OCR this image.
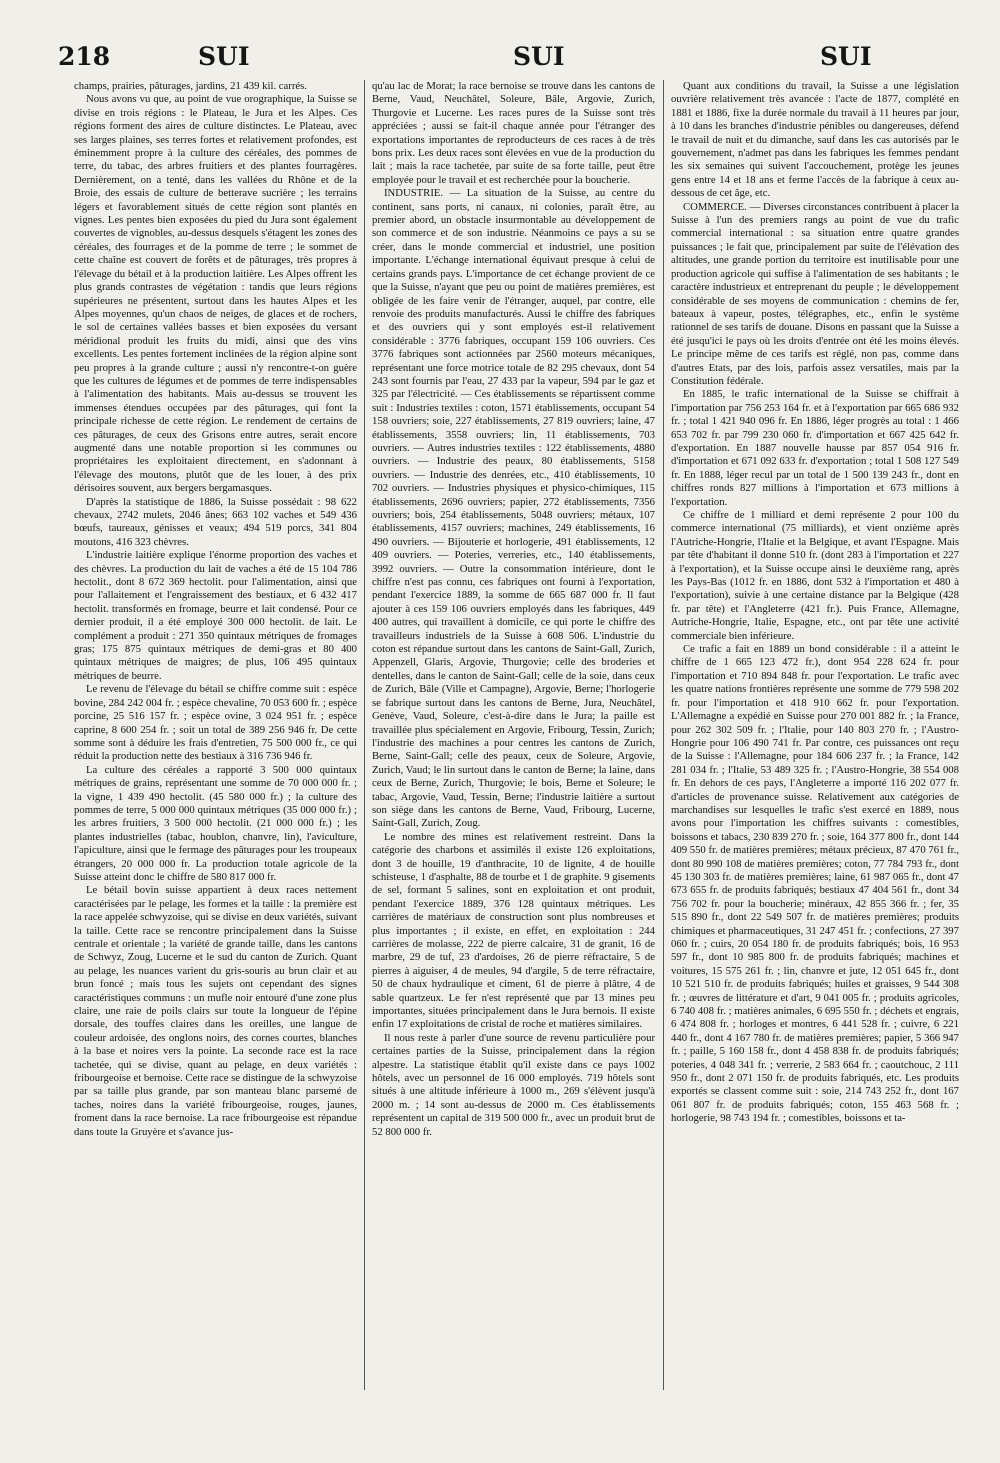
218	SUI	SUI	SUI

champs, prairies, pâturages, jardins, 21 439 kil. carrés.

Nous avons vu que, au point de vue orographique, la Suisse se divise en trois régions : le Plateau, le Jura et les Alpes. Ces régions forment des aires de culture distinctes. Le Plateau, avec ses larges plaines, ses terres fortes et relativement profondes, est éminemment propre à la culture des céréales, des pommes de terre, du tabac, des arbres fruitiers et des plantes fourragères. Dernièrement, on a tenté, dans les vallées du Rhône et de la Broie, des essais de culture de betterave sucrière ; les terrains légers et favorablement situés de cette région sont plantés en vignes. Les pentes bien exposées du pied du Jura sont également couvertes de vignobles, au-dessus desquels s'étagent les zones des céréales, des fourrages et de la pomme de terre ; le sommet de cette chaîne est couvert de forêts et de pâturages, très propres à l'élevage du bétail et à la production laitière. Les Alpes offrent les plus grands contrastes de végétation : tandis que leurs régions supérieures ne présentent, surtout dans les hautes Alpes et les Alpes moyennes, qu'un chaos de neiges, de glaces et de rochers, le sol de certaines vallées basses et bien exposées du versant méridional produit les fruits du midi, ainsi que des vins excellents. Les pentes fortement inclinées de la région alpine sont peu propres à la grande culture ; aussi n'y rencontre-t-on guère que les cultures de légumes et de pommes de terre indispensables à l'alimentation des habitants. Mais au-dessus se trouvent les immenses étendues occupées par des pâturages, qui font la principale richesse de cette région. Le rendement de certains de ces pâturages, de ceux des Grisons entre autres, serait encore augmenté dans une notable proportion si les communes ou propriétaires les exploitaient directement, en s'adonnant à l'élevage des moutons, plutôt que de les louer, à des prix dérisoires souvent, aux bergers bergamasques.

D'après la statistique de 1886, la Suisse possédait : 98 622 chevaux, 2742 mulets, 2046 ânes; 663 102 vaches et 549 436 bœufs, taureaux, génisses et veaux; 494 519 porcs, 341 804 moutons, 416 323 chèvres.

L'industrie laitière explique l'énorme proportion des vaches et des chèvres. La production du lait de vaches a été de 15 104 786 hectolit., dont 8 672 369 hectolit. pour l'alimentation, ainsi que pour l'allaitement et l'engraissement des bestiaux, et 6 432 417 hectolit. transformés en fromage, beurre et lait condensé. Pour ce dernier produit, il a été employé 300 000 hectolit. de lait. Le complément a produit : 271 350 quintaux métriques de fromages gras; 175 875 quintaux métriques de demi-gras et 80 400 quintaux métriques de maigres; de plus, 106 495 quintaux métriques de beurre.

Le revenu de l'élevage du bétail se chiffre comme suit : espèce bovine, 284 242 004 fr. ; espèce chevaline, 70 053 600 fr. ; espèce porcine, 25 516 157 fr. ; espèce ovine, 3 024 951 fr. ; espèce caprine, 8 600 254 fr. ; soit un total de 389 256 946 fr. De cette somme sont à déduire les frais d'entretien, 75 500 000 fr., ce qui réduit la production nette des bestiaux à 316 736 946 fr.

La culture des céréales a rapporté 3 500 000 quintaux métriques de grains, représentant une somme de 70 000 000 fr. ; la vigne, 1 439 490 hectolit. (45 580 000 fr.) ; la culture des pommes de terre, 5 000 000 quintaux métriques (35 000 000 fr.) ; les arbres fruitiers, 3 500 000 hectolit. (21 000 000 fr.) ; les plantes industrielles (tabac, houblon, chanvre, lin), l'aviculture, l'apiculture, ainsi que le fermage des pâturages pour les troupeaux étrangers, 20 000 000 fr. La production totale agricole de la Suisse atteint donc le chiffre de 580 817 000 fr.

Le bétail bovin suisse appartient à deux races nettement caractérisées par le pelage, les formes et la taille : la première est la race appelée schwyzoise, qui se divise en deux variétés, suivant la taille. Cette race se rencontre principalement dans la Suisse centrale et orientale ; la variété de grande taille, dans les cantons de Schwyz, Zoug, Lucerne et le sud du canton de Zurich. Quant au pelage, les nuances varient du gris-souris au brun clair et au brun foncé ; mais tous les sujets ont cependant des signes caractéristiques communs : un mufle noir entouré d'une zone plus claire, une raie de poils clairs sur toute la longueur de l'épine dorsale, des touffes claires dans les oreilles, une langue de couleur ardoisée, des onglons noirs, des cornes courtes, blanches à la base et noires vers la pointe. La seconde race est la race tachetée, qui se divise, quant au pelage, en deux variétés : fribourgeoise et bernoise. Cette race se distingue de la schwyzoise par sa taille plus grande, par son manteau blanc parsemé de taches, noires dans la variété fribourgeoise, rouges, jaunes, froment dans la race bernoise. La race fribourgeoise est répandue dans toute la Gruyère et s'avance jus-

qu'au lac de Morat; la race bernoise se trouve dans les cantons de Berne, Vaud, Neuchâtel, Soleure, Bâle, Argovie, Zurich, Thurgovie et Lucerne. Les races pures de la Suisse sont très appréciées ; aussi se fait-il chaque année pour l'étranger des exportations importantes de reproducteurs de ces races à de très bons prix. Les deux races sont élevées en vue de la production du lait ; mais la race tachetée, par suite de sa forte taille, peut être employée pour le travail et est recherchée pour la boucherie.

INDUSTRIE. — La situation de la Suisse, au centre du continent, sans ports, ni canaux, ni colonies, paraît être, au premier abord, un obstacle insurmontable au développement de son commerce et de son industrie. Néanmoins ce pays a su se créer, dans le monde commercial et industriel, une position importante. L'échange international équivaut presque à celui de certains grands pays. L'importance de cet échange provient de ce que la Suisse, n'ayant que peu ou point de matières premières, est obligée de les faire venir de l'étranger, auquel, par contre, elle renvoie des produits manufacturés. Aussi le chiffre des fabriques et des ouvriers qui y sont employés est-il relativement considérable : 3776 fabriques, occupant 159 106 ouvriers. Ces 3776 fabriques sont actionnées par 2560 moteurs mécaniques, représentant une force motrice totale de 82 295 chevaux, dont 54 243 sont fournis par l'eau, 27 433 par la vapeur, 594 par le gaz et 325 par l'électricité. — Ces établissements se répartissent comme suit : Industries textiles : coton, 1571 établissements, occupant 54 158 ouvriers; soie, 227 établissements, 27 819 ouvriers; laine, 47 établissements, 3558 ouvriers; lin, 11 établissements, 703 ouvriers. — Autres industries textiles : 122 établissements, 4880 ouvriers. — Industrie des peaux, 80 établissements, 5158 ouvriers. — Industrie des denrées, etc., 410 établissements, 10 702 ouvriers. — Industries physiques et physico-chimiques, 115 établissements, 2696 ouvriers; papier, 272 établissements, 7356 ouvriers; bois, 254 établissements, 5048 ouvriers; métaux, 107 établissements, 4157 ouvriers; machines, 249 établissements, 16 490 ouvriers. — Bijouterie et horlogerie, 491 établissements, 12 409 ouvriers. — Poteries, verreries, etc., 140 établissements, 3992 ouvriers. — Outre la consommation intérieure, dont le chiffre n'est pas connu, ces fabriques ont fourni à l'exportation, pendant l'exercice 1889, la somme de 665 687 000 fr. Il faut ajouter à ces 159 106 ouvriers employés dans les fabriques, 449 400 autres, qui travaillent à domicile, ce qui porte le chiffre des travailleurs industriels de la Suisse à 608 506. L'industrie du coton est répandue surtout dans les cantons de Saint-Gall, Zurich, Appenzell, Glaris, Argovie, Thurgovie; celle des broderies et dentelles, dans le canton de Saint-Gall; celle de la soie, dans ceux de Zurich, Bâle (Ville et Campagne), Argovie, Berne; l'horlogerie se fabrique surtout dans les cantons de Berne, Jura, Neuchâtel, Genève, Vaud, Soleure, c'est-à-dire dans le Jura; la paille est travaillée plus spécialement en Argovie, Fribourg, Tessin, Zurich; l'industrie des machines a pour centres les cantons de Zurich, Berne, Saint-Gall; celle des peaux, ceux de Soleure, Argovie, Zurich, Vaud; le lin surtout dans le canton de Berne; la laine, dans ceux de Berne, Zurich, Thurgovie; le bois, Berne et Soleure; le tabac, Argovie, Vaud, Tessin, Berne; l'industrie laitière a surtout son siège dans les cantons de Berne, Vaud, Fribourg, Lucerne, Saint-Gall, Zurich, Zoug.

Le nombre des mines est relativement restreint. Dans la catégorie des charbons et assimilés il existe 126 exploitations, dont 3 de houille, 19 d'anthracite, 10 de lignite, 4 de houille schisteuse, 1 d'asphalte, 88 de tourbe et 1 de graphite. 9 gisements de sel, formant 5 salines, sont en exploitation et ont produit, pendant l'exercice 1889, 376 128 quintaux métriques. Les carrières de matériaux de construction sont plus nombreuses et plus importantes ; il existe, en effet, en exploitation : 244 carrières de molasse, 222 de pierre calcaire, 31 de granit, 16 de marbre, 29 de tuf, 23 d'ardoises, 26 de pierre réfractaire, 5 de pierres à aiguiser, 4 de meules, 94 d'argile, 5 de terre réfractaire, 50 de chaux hydraulique et ciment, 61 de pierre à plâtre, 4 de sable quartzeux. Le fer n'est représenté que par 13 mines peu importantes, situées principalement dans le Jura bernois. Il existe enfin 17 exploitations de cristal de roche et matières similaires.

Il nous reste à parler d'une source de revenu particulière pour certaines parties de la Suisse, principalement dans la région alpestre. La statistique établit qu'il existe dans ce pays 1002 hôtels, avec un personnel de 16 000 employés. 719 hôtels sont situés à une altitude inférieure à 1000 m., 269 s'élèvent jusqu'à 2000 m. ; 14 sont au-dessus de 2000 m. Ces établissements représentent un capital de 319 500 000 fr., avec un produit brut de 52 800 000 fr.

Quant aux conditions du travail, la Suisse a une législation ouvrière relativement très avancée : l'acte de 1877, complété en 1881 et 1886, fixe la durée normale du travail à 11 heures par jour, à 10 dans les branches d'industrie pénibles ou dangereuses, défend le travail de nuit et du dimanche, sauf dans les cas autorisés par le gouvernement, n'admet pas dans les fabriques les femmes pendant les six semaines qui suivent l'accouchement, protège les jeunes gens entre 14 et 18 ans et ferme l'accès de la fabrique à ceux au-dessous de cet âge, etc.

COMMERCE. — Diverses circonstances contribuent à placer la Suisse à l'un des premiers rangs au point de vue du trafic commercial international : sa situation entre quatre grandes puissances ; le fait que, principalement par suite de l'élévation des altitudes, une grande portion du territoire est inutilisable pour une production agricole qui suffise à l'alimentation de ses habitants ; le caractère industrieux et entreprenant du peuple ; le développement considérable de ses moyens de communication : chemins de fer, bateaux à vapeur, postes, télégraphes, etc., enfin le système rationnel de ses tarifs de douane. Disons en passant que la Suisse a été jusqu'ici le pays où les droits d'entrée ont été les moins élevés. Le principe même de ces tarifs est réglé, non pas, comme dans d'autres Etats, par des lois, parfois assez versatiles, mais par la Constitution fédérale.

En 1885, le trafic international de la Suisse se chiffrait à l'importation par 756 253 164 fr. et à l'exportation par 665 686 932 fr. ; total 1 421 940 096 fr. En 1886, léger progrès au total : 1 466 653 702 fr. par 799 230 060 fr. d'importation et 667 425 642 fr. d'exportation. En 1887 nouvelle hausse par 857 054 916 fr. d'importation et 671 092 633 fr. d'exportation ; total 1 508 127 549 fr. En 1888, léger recul par un total de 1 500 139 243 fr., dont en chiffres ronds 827 millions à l'importation et 673 millions à l'exportation.

Ce chiffre de 1 milliard et demi représente 2 pour 100 du commerce international (75 milliards), et vient onzième après l'Autriche-Hongrie, l'Italie et la Belgique, et avant l'Espagne. Mais par tête d'habitant il donne 510 fr. (dont 283 à l'importation et 227 à l'exportation), et la Suisse occupe ainsi le deuxième rang, après les Pays-Bas (1012 fr. en 1886, dont 532 à l'importation et 480 à l'exportation), suivie à une certaine distance par la Belgique (428 fr. par tête) et l'Angleterre (421 fr.). Puis France, Allemagne, Autriche-Hongrie, Italie, Espagne, etc., ont par tête une activité commerciale bien inférieure.

Ce trafic a fait en 1889 un bond considérable : il a atteint le chiffre de 1 665 123 472 fr.), dont 954 228 624 fr. pour l'importation et 710 894 848 fr. pour l'exportation. Le trafic avec les quatre nations frontières représente une somme de 779 598 202 fr. pour l'importation et 418 910 662 fr. pour l'exportation. L'Allemagne a expédié en Suisse pour 270 001 882 fr. ; la France, pour 262 302 509 fr. ; l'Italie, pour 140 803 270 fr. ; l'Austro-Hongrie pour 106 490 741 fr. Par contre, ces puissances ont reçu de la Suisse : l'Allemagne, pour 184 606 237 fr. ; la France, 142 281 034 fr. ; l'Italie, 53 489 325 fr. ; l'Austro-Hongrie, 38 554 008 fr. En dehors de ces pays, l'Angleterre a importé 116 202 077 fr. d'articles de provenance suisse. Relativement aux catégories de marchandises sur lesquelles le trafic s'est exercé en 1889, nous avons pour l'importation les chiffres suivants : comestibles, boissons et tabacs, 230 839 270 fr. ; soie, 164 377 800 fr., dont 144 409 550 fr. de matières premières; métaux précieux, 87 470 761 fr., dont 80 990 108 de matières premières; coton, 77 784 793 fr., dont 45 130 303 fr. de matières premières; laine, 61 987 065 fr., dont 47 673 655 fr. de produits fabriqués; bestiaux 47 404 561 fr., dont 34 756 702 fr. pour la boucherie; minéraux, 42 855 366 fr. ; fer, 35 515 890 fr., dont 22 549 507 fr. de matières premières; produits chimiques et pharmaceutiques, 31 247 451 fr. ; confections, 27 397 060 fr. ; cuirs, 20 054 180 fr. de produits fabriqués; bois, 16 953 597 fr., dont 10 985 800 fr. de produits fabriqués; machines et voitures, 15 575 261 fr. ; lin, chanvre et jute, 12 051 645 fr., dont 10 521 510 fr. de produits fabriqués; huiles et graisses, 9 544 308 fr. ; œuvres de littérature et d'art, 9 041 005 fr. ; produits agricoles, 6 740 408 fr. ; matières animales, 6 695 550 fr. ; déchets et engrais, 6 474 808 fr. ; horloges et montres, 6 441 528 fr. ; cuivre, 6 221 440 fr., dont 4 167 780 fr. de matières premières; papier, 5 366 947 fr. ; paille, 5 160 158 fr., dont 4 458 838 fr. de produits fabriqués; poteries, 4 048 341 fr. ; verrerie, 2 583 664 fr. ; caoutchouc, 2 111 950 fr., dont 2 071 150 fr. de produits fabriqués, etc. Les produits exportés se classent comme suit : soie, 214 743 252 fr., dont 167 061 807 fr. de produits fabriqués; coton, 155 463 568 fr. ; horlogerie, 98 743 194 fr. ; comestibles, boissons et ta-
